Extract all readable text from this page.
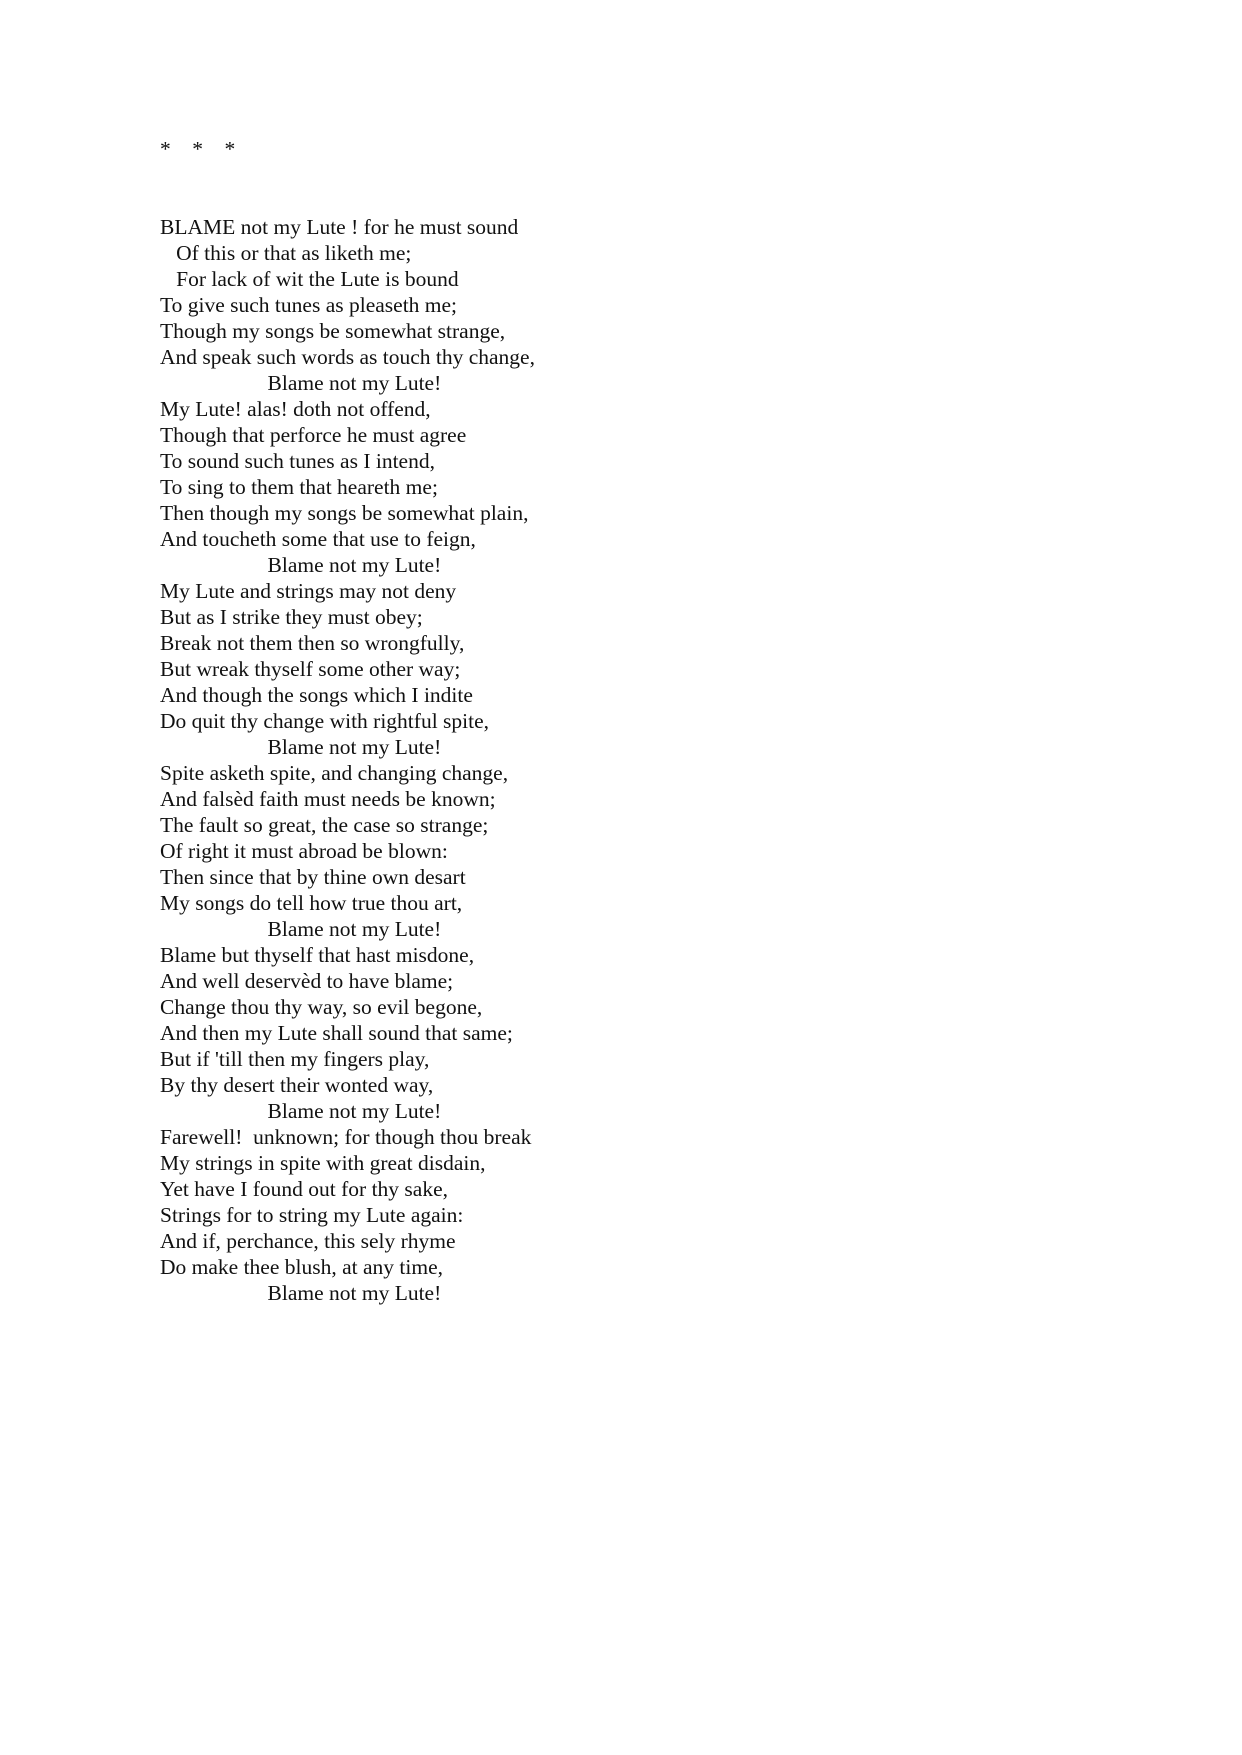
*    *    *

BLAME not my Lute ! for he must sound
Of this or that as liketh me;
For lack of wit the Lute is bound
To give such tunes as pleaseth me;
Though my songs be somewhat strange,
And speak such words as touch thy change,
Blame not my Lute!
My Lute! alas! doth not offend,
Though that perforce he must agree
To sound such tunes as I intend,
To sing to them that heareth me;
Then though my songs be somewhat plain,
And toucheth some that use to feign,
Blame not my Lute!
My Lute and strings may not deny
But as I strike they must obey;
Break not them then so wrongfully,
But wreak thyself some other way;
And though the songs which I indite
Do quit thy change with rightful spite,
Blame not my Lute!
Spite asketh spite, and changing change,
And falsèd faith must needs be known;
The fault so great, the case so strange;
Of right it must abroad be blown:
Then since that by thine own desart
My songs do tell how true thou art,
Blame not my Lute!
Blame but thyself that hast misdone,
And well deservèd to have blame;
Change thou thy way, so evil begone,
And then my Lute shall sound that same;
But if 'till then my fingers play,
By thy desert their wonted way,
Blame not my Lute!
Farewell!  unknown; for though thou break
My strings in spite with great disdain,
Yet have I found out for thy sake,
Strings for to string my Lute again:
And if, perchance, this sely rhyme
Do make thee blush, at any time,
Blame not my Lute!
